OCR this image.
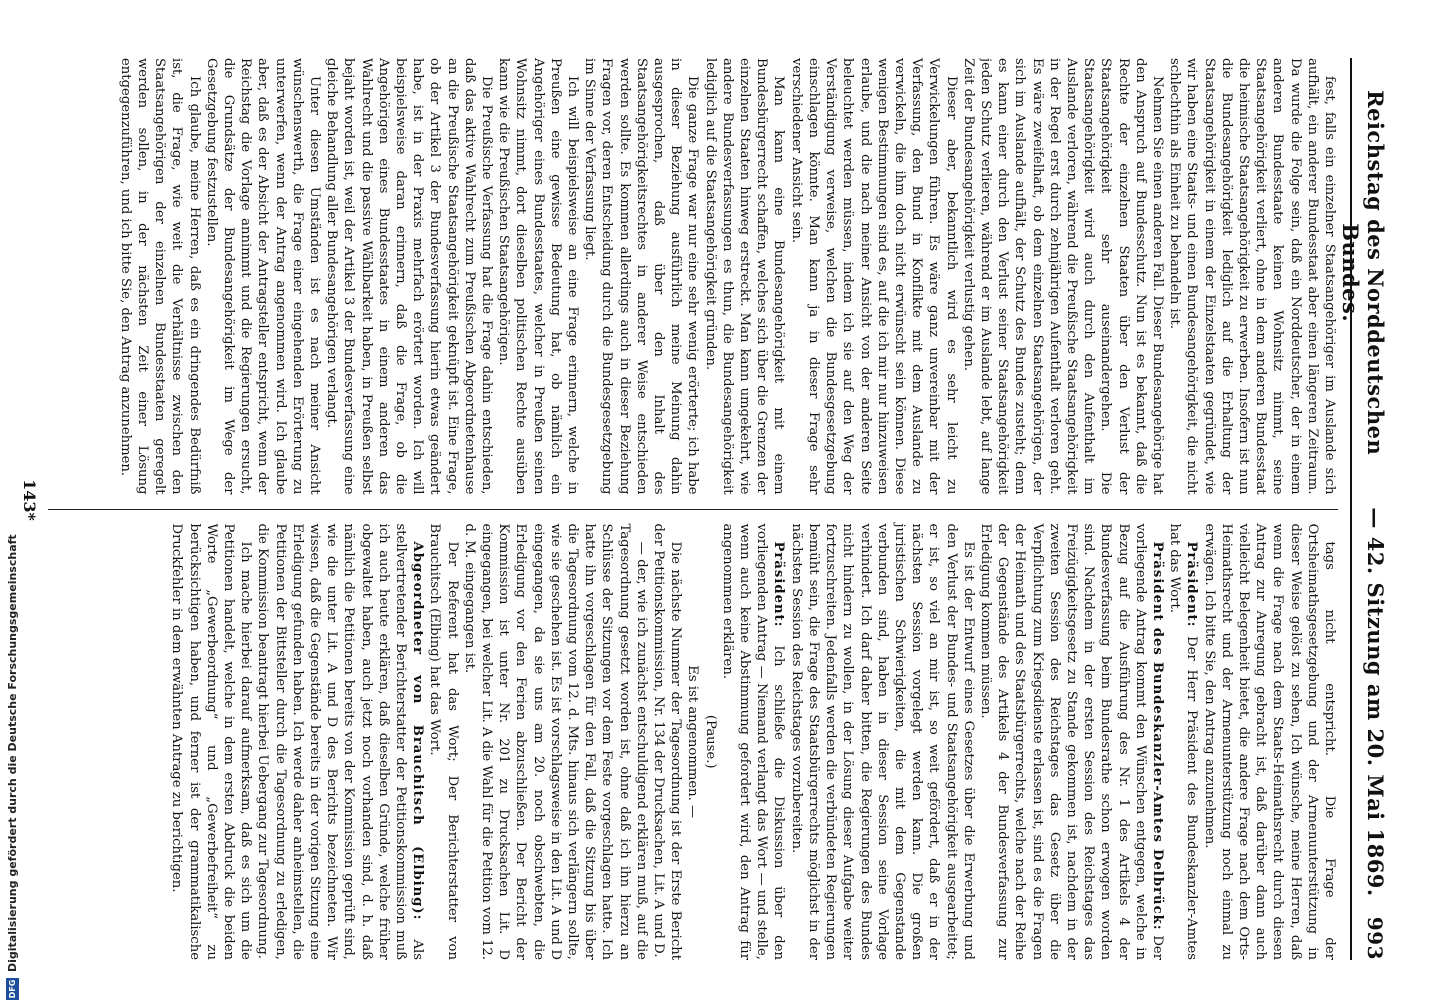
Reichstag des Norddeutschen Bundes.
— 42. Sitzung am 20. Mai 1869.
993

fest, falls ein einzelner Staatsangehöriger im Auslande sich aufhält, ein anderer Bundesstaat aber einen längeren Zeitraum. Da wurde die Folge sein, daß ein Norddeutscher, der in einem anderen Bundesstaate keinen Wohnsitz nimmt, seine Staatsangehörigkeit verliert, ohne in dem anderen Bundesstaat die heimische Staatsangehörigkeit zu erwerben. Insofern ist nun die Bundesangehörigkeit lediglich auf die Erhaltung der Staatsangehörigkeit in einem der Einzelstaaten gegründet, wie wir haben eine Staats- und einen Bundesangehörigkeit, die nicht schlechthin als Einheit zu behandeln ist.

Nehmen Sie einen anderen Fall. Dieser Bundesangehörige hat den Anspruch auf Bundesschutz. Nun ist es bekannt, daß die Rechte der einzelnen Staaten über den Verlust der Staatsangehörigkeit sehr auseinandergehen. Die Staatsangehörigkeit wird auch durch den Aufenthalt im Auslande verloren, während die Preußische Staatsangehörigkeit in der Regel erst durch zehnjährigen Aufenthalt verloren geht. Es wäre zweifelhaft, ob dem einzelnen Staatsangehörigen, der sich im Auslande aufhält, der Schutz des Bundes zusteht; denn es kann einer durch den Verlust seiner Staatsangehörigkeit jeden Schutz verlieren, während er im Auslande lebt, auf lange Zeit der Bundesangehörigkeit verlustig gehen.

Dieser aber, bekanntlich wird es sehr leicht zu Verwickelungen führen. Es wäre ganz unvereinbar mit der Verfassung, den Bund in Konflikte mit dem Auslande zu verwickeln, die ihm doch nicht erwünscht sein können. Diese wenigen Bestimmungen sind es, auf die ich mir nur hinzuweisen erlaube, und die nach meiner Ansicht von der anderen Seite beleuchtet werden müssen, indem ich sie auf den Weg der Verständigung verweise, welchen die Bundesgesetzgebung einschlagen könnte. Man kann ja in dieser Frage sehr verschiedener Ansicht sein.

Man kann eine Bundesangehörigkeit mit einem Bundesbürgerrecht schaffen, welches sich über die Grenzen der einzelnen Staaten hinweg erstreckt. Man kann umgekehrt, wie andere Bundesverfassungen es thun, die Bundesangehörigkeit lediglich auf die Staatsangehörigkeit gründen.

Die ganze Frage war nur eine sehr wenig erörterte; ich habe in dieser Beziehung ausführlich meine Meinung dahin ausgesprochen, daß über den Inhalt des Staatsangehörigkeitsrechtes in anderer Weise entschieden werden sollte. Es kommen allerdings auch in dieser Beziehung Fragen vor, deren Entscheidung durch die Bundesgesetzgebung im Sinne der Verfassung liegt.

Ich will beispielsweise an eine Frage erinnern, welche in Preußen eine gewisse Bedeutung hat, ob nämlich ein Angehöriger eines Bundesstaates, welcher in Preußen seinen Wohnsitz nimmt, dort dieselben politischen Rechte ausüben kann wie die Preußischen Staatsangehörigen.

Die Preußische Verfassung hat die Frage dahin entschieden, daß das aktive Wahlrecht zum Preußischen Abgeordnetenhause an die Preußische Staatsangehörigkeit geknüpft ist. Eine Frage, ob der Artikel 3 der Bundesverfassung hierin etwas geändert habe, ist in der Praxis mehrfach erörtert worden. Ich will beispielsweise daran erinnern, daß die Frage, ob die Angehörigen eines Bundesstaates in einem anderen das Wahlrecht und die passive Wählbarkeit haben, in Preußen selbst bejaht worden ist, weil der Artikel 3 der Bundesverfassung eine gleiche Behandlung aller Bundesangehörigen verlangt.

Unter diesen Umständen ist es nach meiner Ansicht wünschenswerth, die Frage einer eingehenden Erörterung zu unterwerfen, wenn der Antrag angenommen wird. Ich glaube aber, daß es der Absicht der Antragsteller entspricht, wenn der Reichstag die Vorlage annimmt und die Regierungen ersucht, die Grundsätze der Bundesangehörigkeit im Wege der Gesetzgebung festzustellen.

Ich glaube, meine Herren, daß es ein dringendes Bedürfniß ist, die Frage, wie weit die Verhältnisse zwischen den Staatsangehörigen der einzelnen Bundesstaaten geregelt werden sollen, in der nächsten Zeit einer Lösung entgegenzuführen, und ich bitte Sie, den Antrag anzunehmen.

tags nicht entspricht. Die Frage der Ortsheimathsgesetzgebung und der Armenunterstützung in dieser Weise gelöst zu sehen, Ich wünsche, meine Herren, daß wenn die Frage nach dem Staats-Heimathsrecht durch diesen Antrag zur Anregung gebracht ist, daß darüber dann auch vielleicht Belegenheit bietet, die andere Frage nach dem Orts-Heimathsrecht und der Armenunterstützung noch einmal zu erwägen. Ich bitte Sie, den Antrag anzunehmen.

Präsident: Der Herr Präsident des Bundeskanzler-Amtes hat das Wort.

Präsident des Bundeskanzler-Amtes Delbrück: Der vorliegende Antrag kommt den Wünschen entgegen, welche in Bezug auf die Ausführung des Nr. 1 des Artikels 4 der Bundesverfassung beim Bundesrathe schon erwogen worden sind. Nachdem in der ersten Session des Reichstages das Freizügigkeitsgesetz zu Stande gekommen ist, nachdem in der zweiten Session des Reichstages das Gesetz über die Verpflichtung zum Kriegsdienste erlassen ist, sind es die Fragen der Heimath und des Staatsbürgerrechts, welche nach der Reihe der Gegenstände des Artikels 4 der Bundesverfassung zur Erledigung kommen müssen.

Es ist der Entwurf eines Gesetzes über die Erwerbung und den Verlust der Bundes- und Staatsangehörigkeit ausgearbeitet; er ist, so viel an mir ist, so weit gefördert, daß er in der nächsten Session vorgelegt werden kann. Die großen juristischen Schwierigkeiten, die mit dem Gegenstande verbunden sind, haben in dieser Session seine Vorlage verhindert. Ich darf daher bitten, die Regierungen des Bundes nicht hindern zu wollen, in der Lösung dieser Aufgabe weiter fortzuschreiten. Jedenfalls werden die verbündeten Regierungen bemüht sein, die Frage des Staatsbürgerrechts möglichst in der nächsten Session des Reichstages vorzubereiten.

Präsident: Ich schließe die Diskussion über den vorliegenden Antrag — Niemand verlangt das Wort — und stelle, wenn auch keine Abstimmung gefordert wird, den Antrag für angenommen erklären.

(Pause.)

Es ist angenommen. —

Die nächste Nummer der Tagesordnung ist der Erste Bericht der Petitionskommission, Nr. 134 der Drucksachen, Lit. A und D.

— der, wie ich zunächst entschuldigend erklären muß, auf die Tagesordnung gesetzt worden ist, ohne daß ich ihn hierzu an Schlüsse der Sitzungen vor dem Feste vorgeschlagen hatte. Ich hatte ihn vorgeschlagen für den Fall, daß die Sitzung bis über die Tagesordnung vom 12. d. Mts. hinaus sich verlängern sollte, wie sie geschehen ist. Es ist vorschlagsweise in den Lit. A und D eingegangen, da sie uns am 20. noch obschwebten, die Erledigung vor den Ferien abzuschließen. Der Bericht der Kommission ist unter Nr. 201 zu Drucksachen Lit. D eingegangen, bei welcher Lit. A die Wahl für die Petition vom 12. d. M. eingegangen ist.

Der Referent hat das Wort; Der Berichterstatter von Brauchitsch (Elbing) hat das Wort.

Abgeordneter von Brauchitsch (Elbing): Als stellvertretender Berichterstatter der Petitionskommission muß ich auch heute erklären, daß dieselben Gründe, welche früher obgewaltet haben, auch jetzt noch vorhanden sind, d. h. daß nämlich die Petitionen bereits von der Kommission geprüft sind, wie die unter Lit. A und D des Berichts bezeichneten. Wir wissen, daß die Gegenstände bereits in der vorigen Sitzung eine Erledigung gefunden haben. Ich werde daher anheimstellen, die Petitionen der Bittsteller durch die Tagesordnung zu erledigen, die Kommission beantragt hierbei Uebergang zur Tagesordnung.

Ich mache hierbei darauf aufmerksam, daß es sich um die Petitionen handelt, welche in dem ersten Abdruck die beiden Worte „Gewerbeordnung“ und „Gewerbefreiheit“ zu berücksichtigen haben, und ferner ist der grammatikalische Druckfehler in dem erwähnten Antrage zu berichtigen.

143*
DFG
Digitalisierung gefördert durch die Deutsche Forschungsgemeinschaft
